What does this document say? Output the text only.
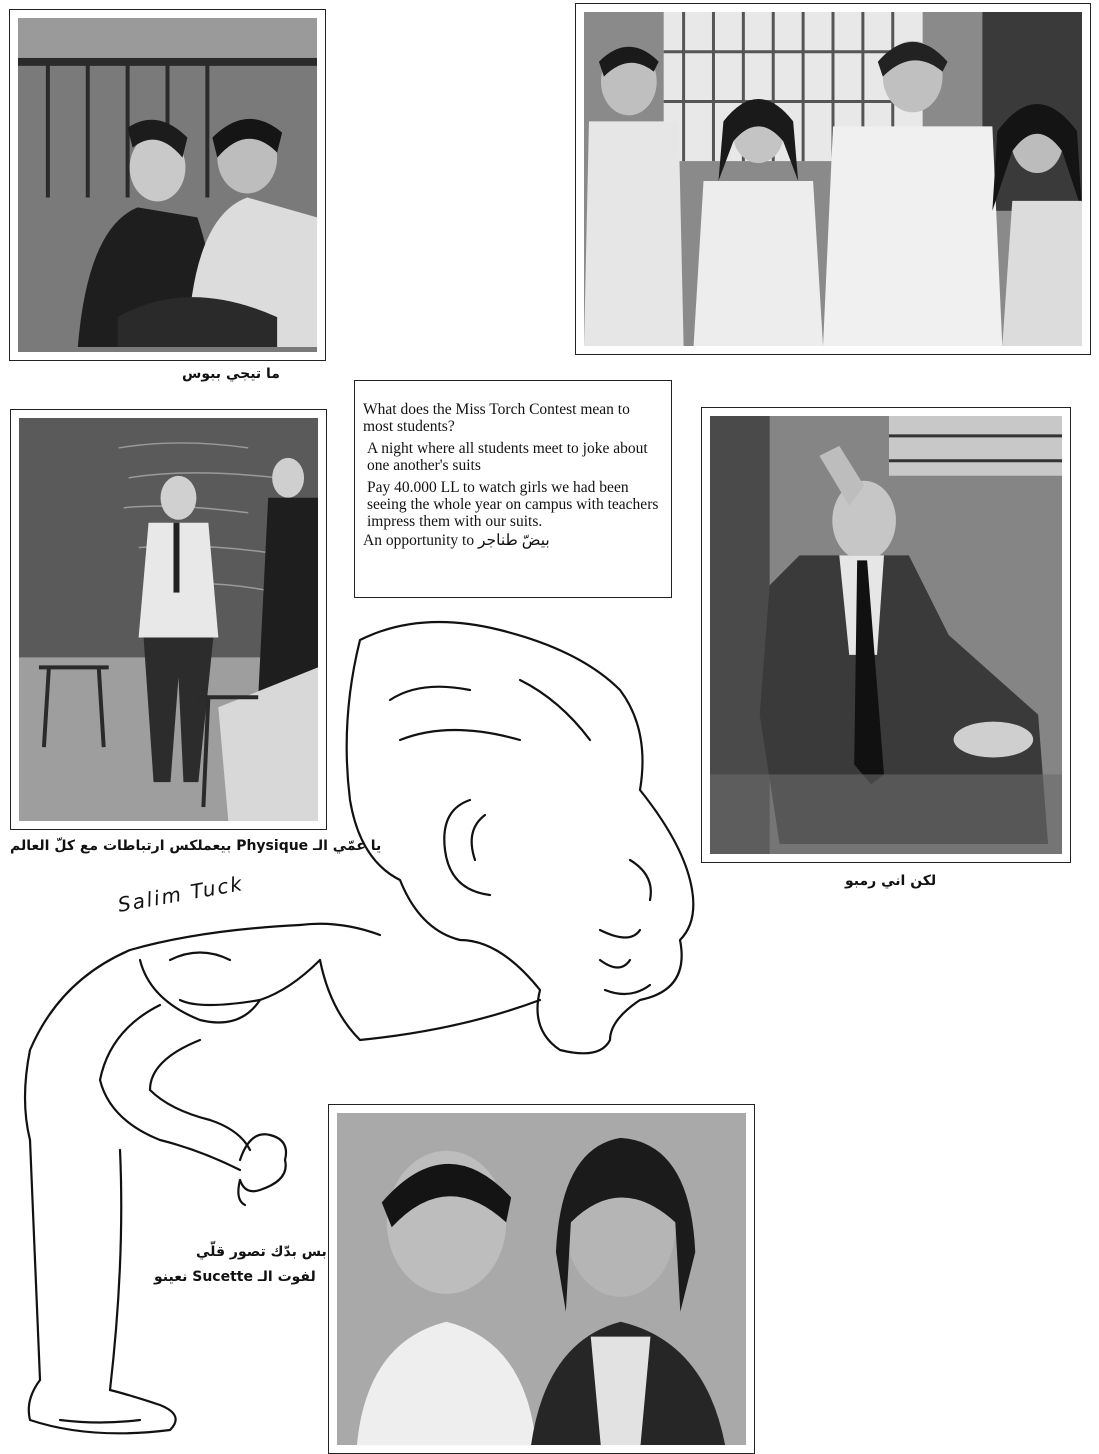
ما تيجي ببوس
يا عمّي الـ Physique بيعملكس ارتباطات مع كلّ العالم

What does the Miss Torch Contest mean to most students?

A night where all students meet to joke about one another's suits

Pay 40.000 LL to watch girls we had been seeing the whole year on campus with teachers impress them with our suits.

An opportunity to بيضّ طناجر

لكن اني رمبو
بس بدّك تصور قلّي
لفوت الـ Sucette نعينو
Salim Tuck
